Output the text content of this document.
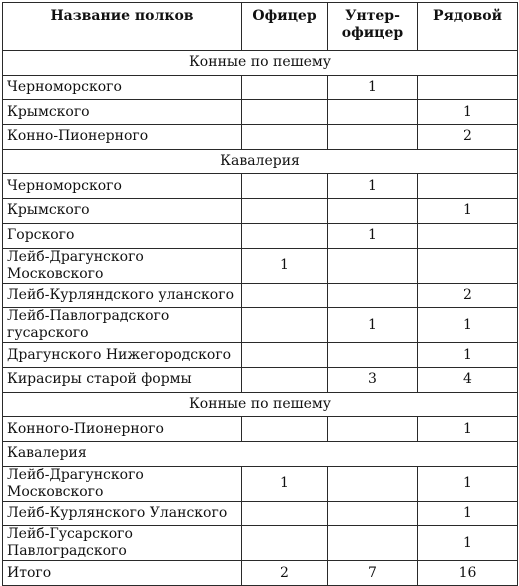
Название полков	Офицер	Унтер-офицер	Рядовой
Конные по пешему			
Черноморского		1	
Крымского			1
Конно-Пионерного			2
Кавалерия			
Черноморского		1	
Крымского			1
Горского		1	
Лейб-Драгунского Московского	1		
Лейб-Курляндского уланского			2
Лейб-Павлоградского гусарского		1	1
Драгунского Нижегородского			1
Кирасиры старой формы		3	4
Конные по пешему			
Конного-Пионерного			1
Кавалерия			
Лейб-Драгунского Московского	1		1
Лейб-Курлянского Уланского			1
Лейб-Гусарского Павлоградского			1
Итого	2	7	16
